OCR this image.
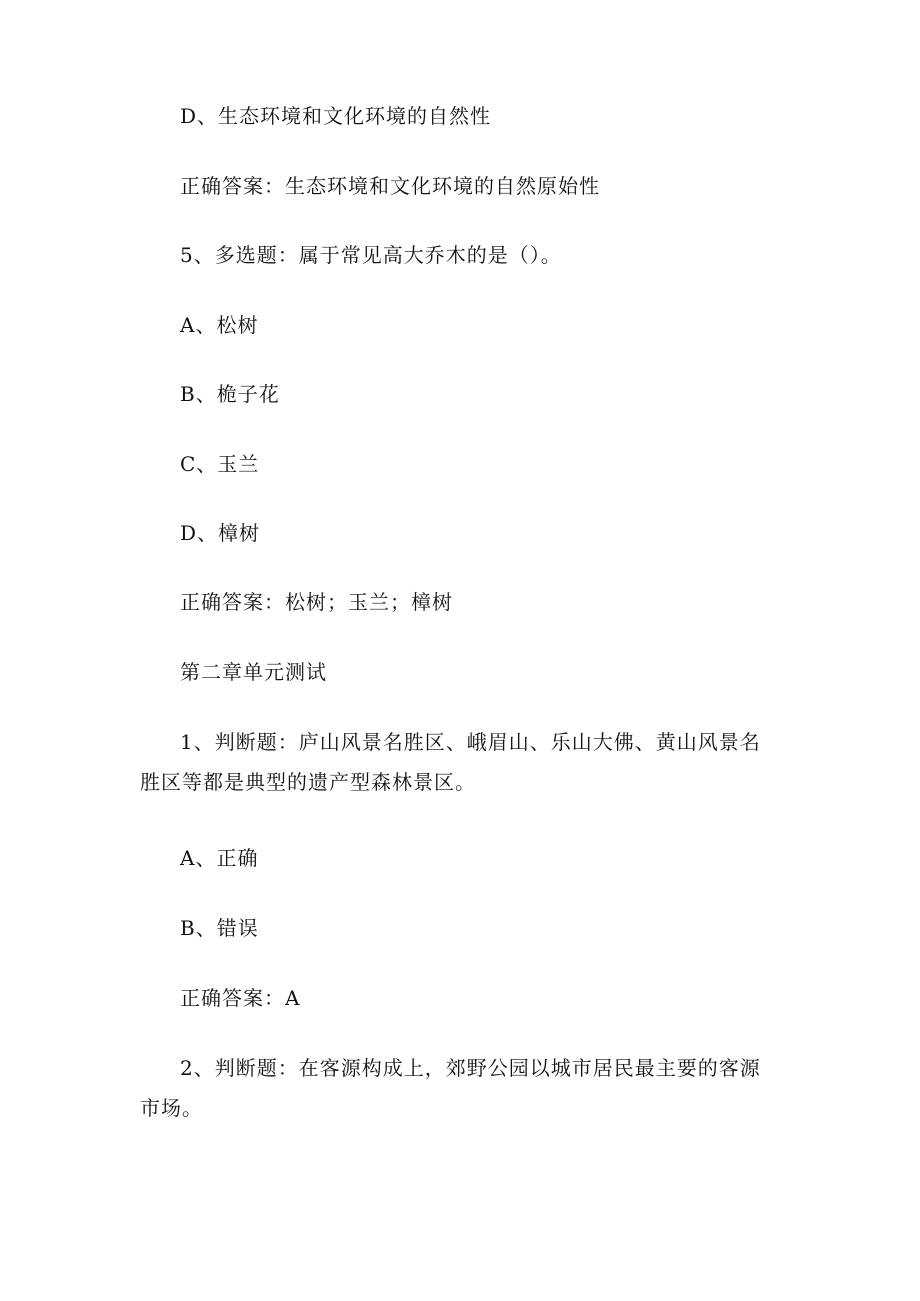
D、生态环境和文化环境的自然性
正确答案：生态环境和文化环境的自然原始性
5、多选题：属于常见高大乔木的是（）。
A、松树
B、桅子花
C、玉兰
D、樟树
正确答案：松树；玉兰；樟树
第二章单元测试
1、判断题：庐山风景名胜区、峨眉山、乐山大佛、黄山风景名胜区等都是典型的遗产型森林景区。
A、正确
B、错误
正确答案：A
2、判断题：在客源构成上，郊野公园以城市居民最主要的客源市场。
